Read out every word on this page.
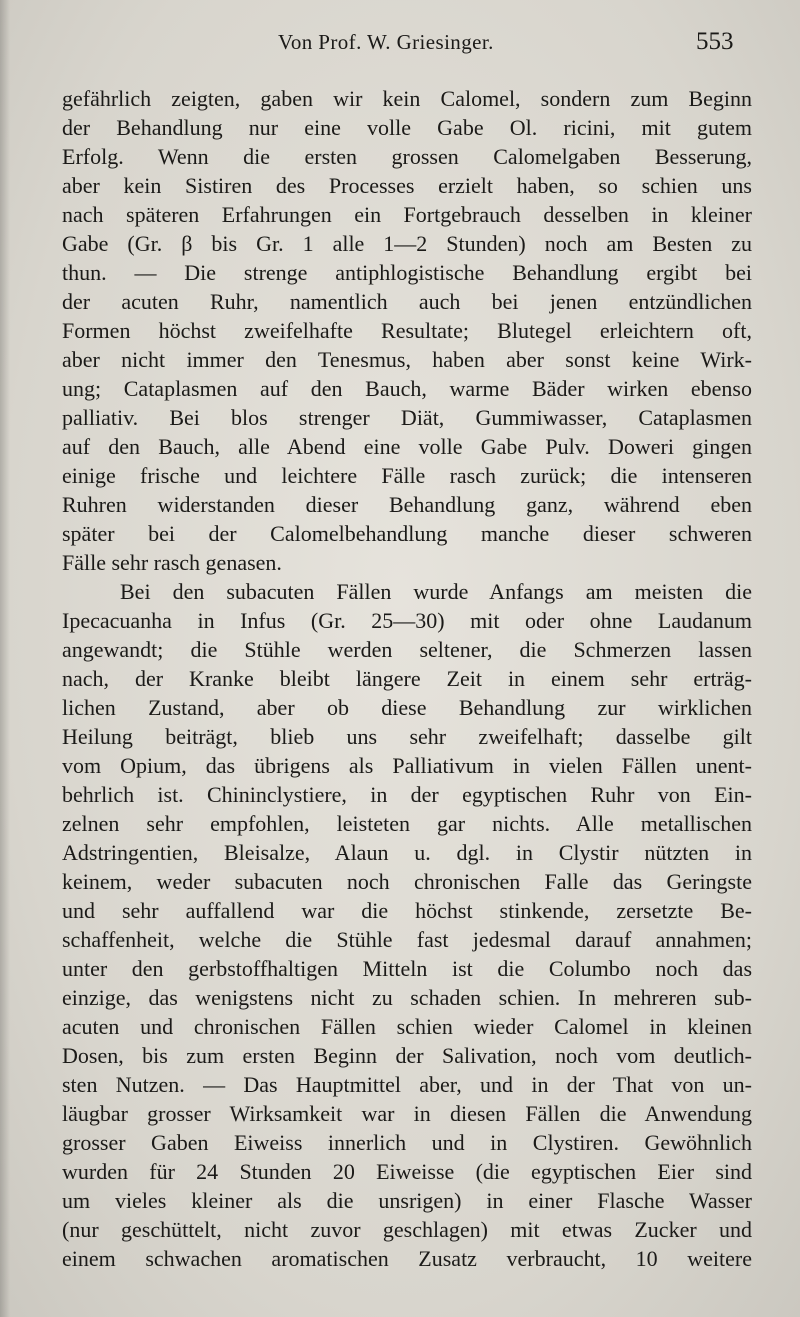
Von Prof. W. Griesinger.	553
gefährlich zeigten, gaben wir kein Calomel, sondern zum Beginn
der Behandlung nur eine volle Gabe Ol. ricini, mit gutem
Erfolg. Wenn die ersten grossen Calomelgaben Besserung,
aber kein Sistiren des Processes erzielt haben, so schien uns
nach späteren Erfahrungen ein Fortgebrauch desselben in kleiner
Gabe (Gr. β bis Gr. 1 alle 1—2 Stunden) noch am Besten zu
thun. — Die strenge antiphlogistische Behandlung ergibt bei
der acuten Ruhr, namentlich auch bei jenen entzündlichen
Formen höchst zweifelhafte Resultate; Blutegel erleichtern oft,
aber nicht immer den Tenesmus, haben aber sonst keine Wirk-
ung; Cataplasmen auf den Bauch, warme Bäder wirken ebenso
palliativ. Bei blos strenger Diät, Gummiwasser, Cataplasmen
auf den Bauch, alle Abend eine volle Gabe Pulv. Doweri gingen
einige frische und leichtere Fälle rasch zurück; die intenseren
Ruhren widerstanden dieser Behandlung ganz, während eben
später bei der Calomelbehandlung manche dieser schweren
Fälle sehr rasch genasen.
Bei den subacuten Fällen wurde Anfangs am meisten die
Ipecacuanha in Infus (Gr. 25—30) mit oder ohne Laudanum
angewandt; die Stühle werden seltener, die Schmerzen lassen
nach, der Kranke bleibt längere Zeit in einem sehr erträg-
lichen Zustand, aber ob diese Behandlung zur wirklichen
Heilung beiträgt, blieb uns sehr zweifelhaft; dasselbe gilt
vom Opium, das übrigens als Palliativum in vielen Fällen unent-
behrlich ist. Chininclystiere, in der egyptischen Ruhr von Ein-
zelnen sehr empfohlen, leisteten gar nichts. Alle metallischen
Adstringentien, Bleisalze, Alaun u. dgl. in Clystir nützten in
keinem, weder subacuten noch chronischen Falle das Geringste
und sehr auffallend war die höchst stinkende, zersetzte Be-
schaffenheit, welche die Stühle fast jedesmal darauf annahmen;
unter den gerbstoffhaltigen Mitteln ist die Columbo noch das
einzige, das wenigstens nicht zu schaden schien. In mehreren sub-
acuten und chronischen Fällen schien wieder Calomel in kleinen
Dosen, bis zum ersten Beginn der Salivation, noch vom deutlich-
sten Nutzen. — Das Hauptmittel aber, und in der That von un-
läugbar grosser Wirksamkeit war in diesen Fällen die Anwendung
grosser Gaben Eiweiss innerlich und in Clystiren. Gewöhnlich
wurden für 24 Stunden 20 Eiweisse (die egyptischen Eier sind
um vieles kleiner als die unsrigen) in einer Flasche Wasser
(nur geschüttelt, nicht zuvor geschlagen) mit etwas Zucker und
einem schwachen aromatischen Zusatz verbraucht, 10 weitere
